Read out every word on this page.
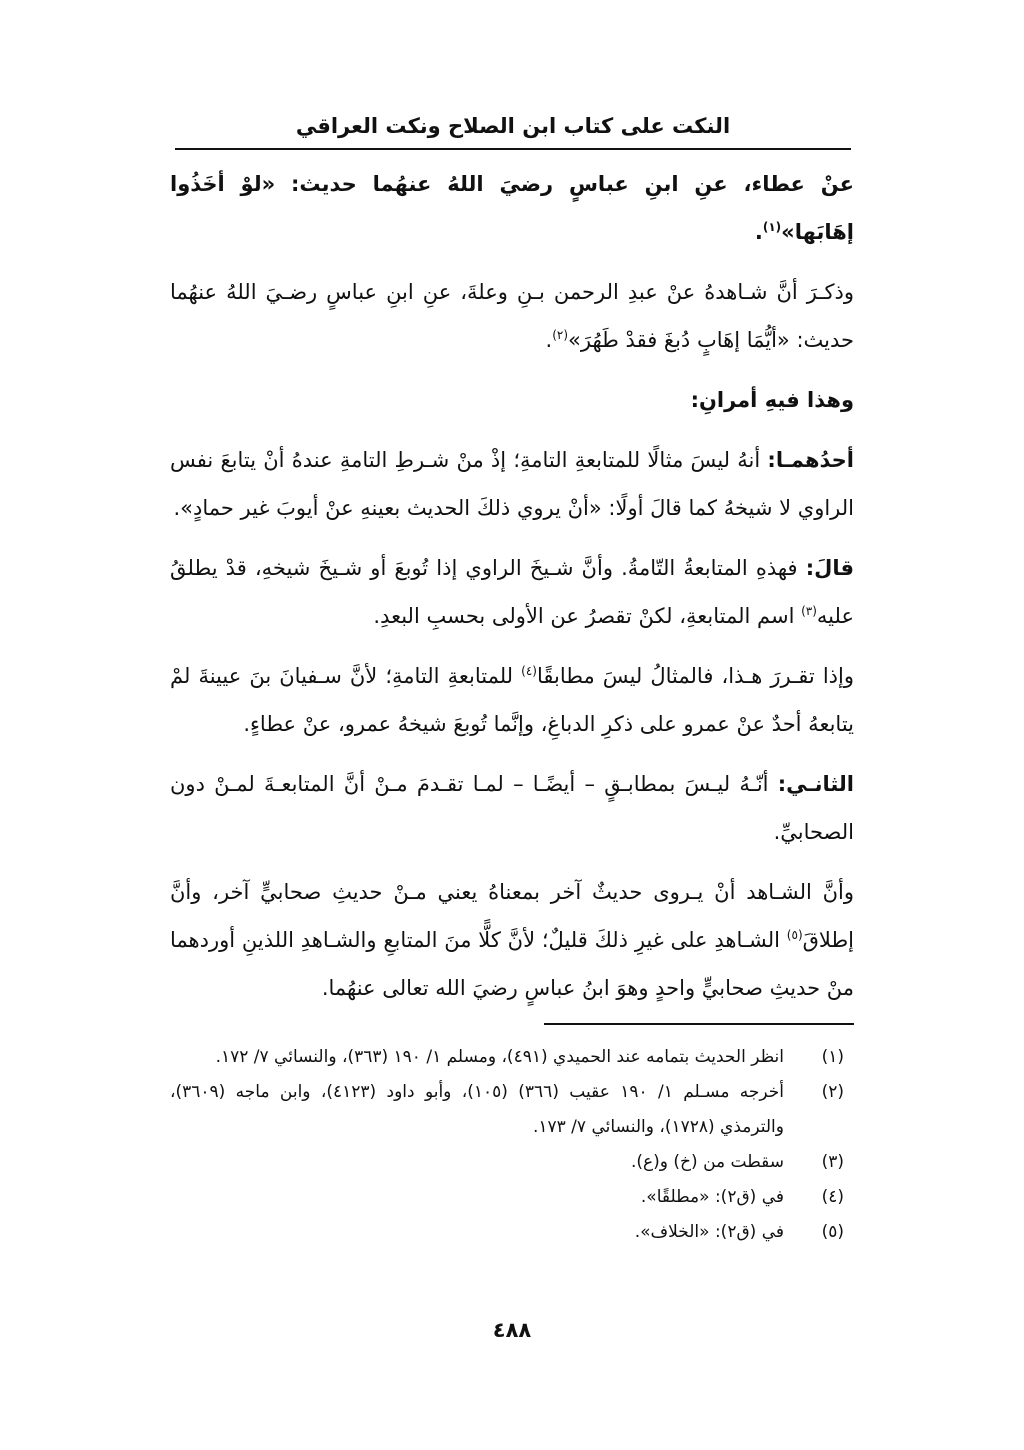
النكت على كتاب ابن الصلاح ونكت العراقي

عنْ عطاء، عنِ ابنِ عباسٍ رضيَ اللهُ عنهُما حديث: «لوْ أخَذُوا إهَابَها»$^{(١)}$.

وذكـرَ أنَّ شـاهدهُ عنْ عبدِ الرحمن بـنِ وعلةَ، عنِ ابنِ عباسٍ رضـيَ اللهُ عنهُما حديث: «أيُّمَا إهَابٍ دُبغَ فقدْ طَهُرَ»$^{(٢)}$.

وهذا فيهِ أمرانِ:

أحدُهمـا: أنهُ ليسَ مثالًا للمتابعةِ التامةِ؛ إذْ منْ شـرطِ التامةِ عندهُ أنْ يتابعَ نفس الراوي لا شيخهُ كما قالَ أولًا: «أنْ يروي ذلكَ الحديث بعينهِ عنْ أيوبَ غير حمادٍ».

قالَ: فهذهِ المتابعةُ التّامةُ. وأنَّ شـيخَ الراوي إذا تُوبعَ أو شـيخَ شيخهِ، قدْ يطلقُ عليه$^{(٣)}$ اسم المتابعةِ، لكنْ تقصرُ عن الأولى بحسبِ البعدِ.

وإذا تقـررَ هـذا، فالمثالُ ليسَ مطابقًا$^{(٤)}$ للمتابعةِ التامةِ؛ لأنَّ سـفيانَ بنَ عيينةَ لمْ يتابعهُ أحدٌ عنْ عمرو على ذكرِ الدباغِ، وإنَّما تُوبعَ شيخهُ عمرو، عنْ عطاءٍ.

الثانـي: أنّـهُ ليـسَ بمطابـقٍ – أيضًـا – لمـا تقـدمَ مـنْ أنَّ المتابعـةَ لمـنْ دون الصحابيِّ.

وأنَّ الشـاهد أنْ يـروى حديثٌ آخر بمعناهُ يعني مـنْ حديثِ صحابيٍّ آخر، وأنَّ إطلاقَ$^{(٥)}$ الشـاهدِ على غيرِ ذلكَ قليلٌ؛ لأنَّ كلًّا منَ المتابعِ والشـاهدِ اللذينِ أوردهما منْ حديثِ صحابيٍّ واحدٍ وهوَ ابنُ عباسٍ رضيَ الله تعالى عنهُما.

(١)
انظر الحديث بتمامه عند الحميدي (٤٩١)، ومسلم ١/ ١٩٠ (٣٦٣)، والنسائي ٧/ ١٧٢.
(٢)
أخرجه مسـلم ١/ ١٩٠ عقيب (٣٦٦) (١٠٥)، وأبو داود (٤١٢٣)، وابن ماجه (٣٦٠٩)، والترمذي (١٧٢٨)، والنسائي ٧/ ١٧٣.
(٣)
سقطت من (خ) و(ع).
(٤)
في (ق٢): «مطلقًا».
(٥)
في (ق٢): «الخلاف».
٤٨٨
